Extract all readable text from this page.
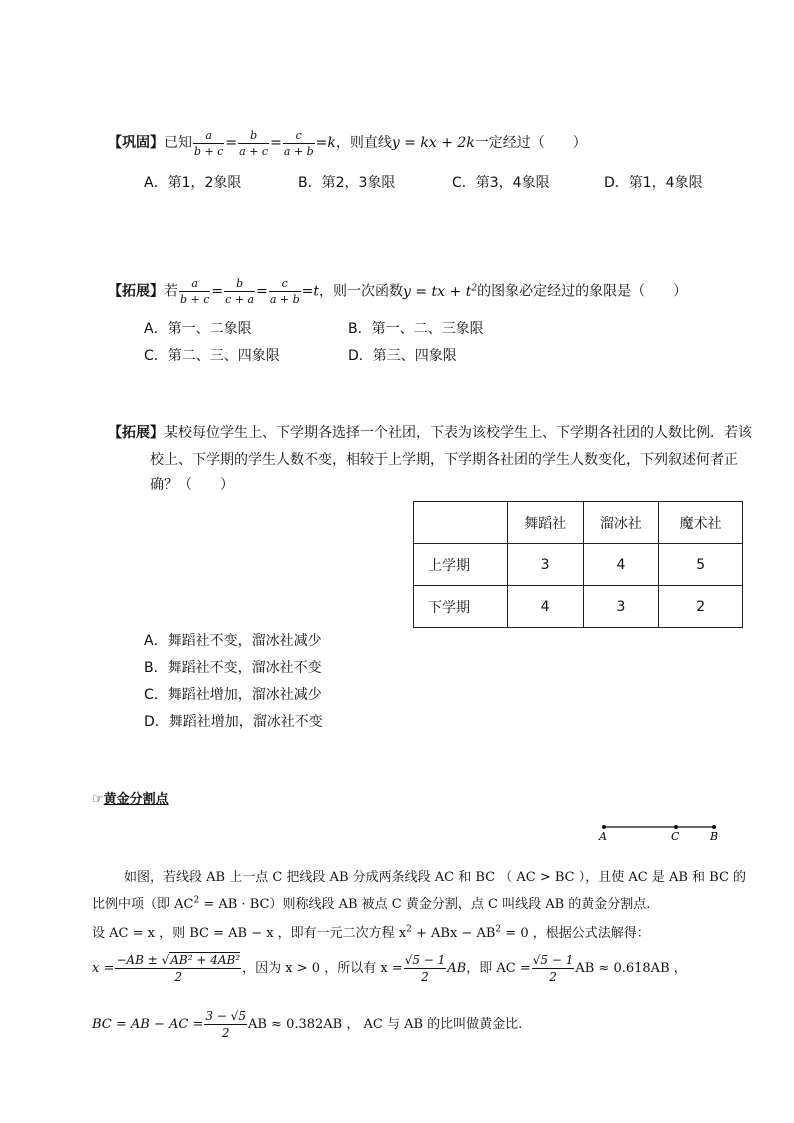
【巩固】已知 $\frac{a}{b + c} = \frac{b}{a + c} = \frac{c}{a + b} =k$，则直线y = kx + 2k一定经过（　　）
A．第1，2象限	B．第2，3象限	C．第3，4象限	D．第1，4象限
【拓展】若 $\frac{a}{b + c} = \frac{b}{c + a} = \frac{c}{a + b} =t$，则一次函数y = tx + $t^2$的图象必定经过的象限是（　　）
A．第一、二象限	B．第一、二、三象限
C．第二、三、四象限	D．第三、四象限
【拓展】某校每位学生上、下学期各选择一个社团，下表为该校学生上、下学期各社团的人数比例．若该
校上、下学期的学生人数不变，相较于上学期，下学期各社团的学生人数变化，下列叙述何者正
确？（　　）
	舞蹈社	溜冰社	魔术社
上学期	3	4	5
下学期	4	3	2
A．舞蹈社不变，溜冰社减少
B．舞蹈社不变，溜冰社不变
C．舞蹈社增加，溜冰社减少
D．舞蹈社增加，溜冰社不变
☞黄金分割点
A	C	B
如图，若线段 AB 上一点 C 把线段 AB 分成两条线段 AC 和 BC （ AC > BC ），且使 AC 是 AB 和 BC 的
比例中项（即 $AC^2$ = AB · BC）则称线段 AB 被点 C 黄金分割，点 C 叫线段 AB 的黄金分割点.
设 AC = x ，则 BC = AB − x ，即有一元二次方程 $x^2$ + ABx − $AB^2 = 0$ ，根据公式法解得：
$x = \frac{\text{−AB ± √AB² + 4AB²}}{2}$ ，因为 x > 0 ，所以有 $x = \frac{√5 - 1}{2}$ AB，即 AC = $\frac{√5 - 1}{2}$ AB ≈ 0.618AB ，
BC = AB − AC = $\frac{3 - √5}{2}$ AB ≈ 0.382AB ， AC 与 AB 的比叫做黄金比.
